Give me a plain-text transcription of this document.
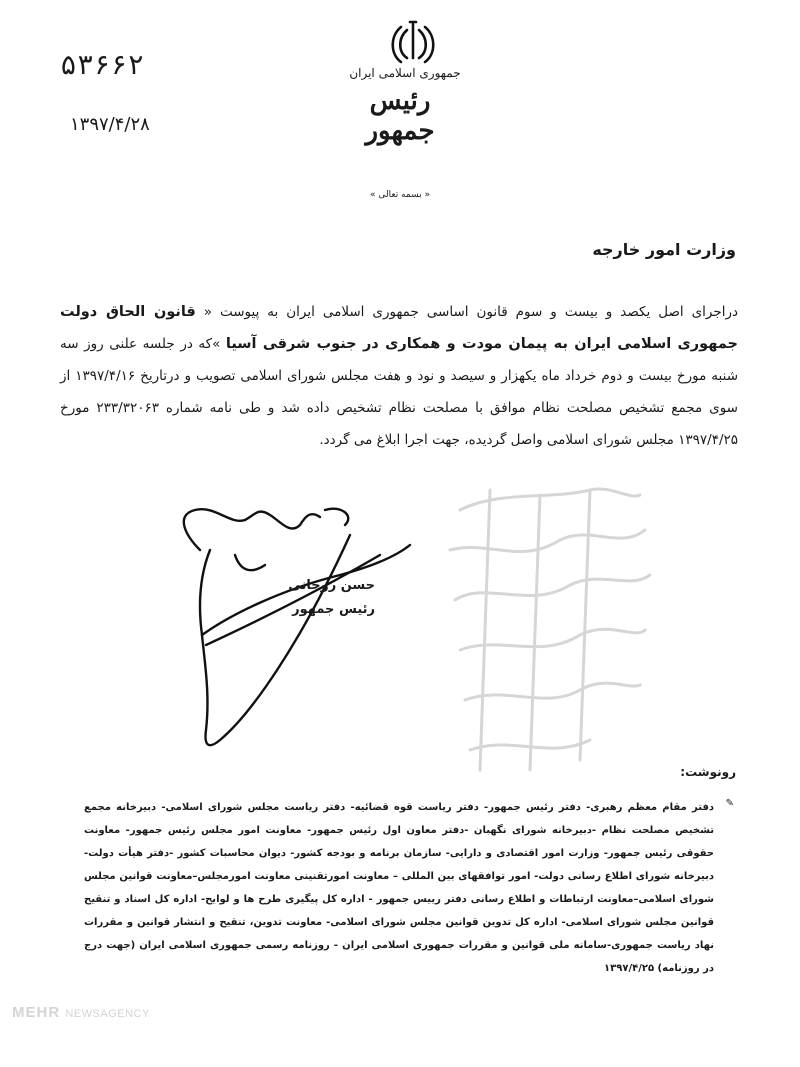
جمهوری اسلامی ایران
رئیس جمهور
۵۳۶۶۲
۱۳۹۷/۴/۲۸
« بسمه تعالی »
وزارت امور خارجه
دراجرای اصل یکصد و بیست و سوم قانون اساسی جمهوری اسلامی ایران به پیوست « قانون الحاق دولت جمهوری اسلامی ایران به پیمان مودت و همکاری در جنوب شرقی آسیا »که در جلسه علنی روز سه شنبه مورخ بیست و دوم خرداد ماه یکهزار و سیصد و نود و هفت مجلس شورای اسلامی تصویب و درتاریخ ۱۳۹۷/۴/۱۶ از سوی مجمع تشخیص مصلحت نظام موافق با مصلحت نظام تشخیص داده شد و طی نامه شماره ۲۳۳/۳۲۰۶۳ مورخ ۱۳۹۷/۴/۲۵ مجلس شورای اسلامی واصل گردیده، جهت اجرا ابلاغ می گردد.
حسن روحانی
رئیس جمهور
رونوشت:
✎
دفتر مقام معظم رهبری- دفتر رئیس جمهور- دفتر ریاست قوه قضائیه- دفتر ریاست مجلس شورای اسلامی- دبیرخانه مجمع تشخیص مصلحت نظام -دبیرخانه شورای نگهبان -دفتر معاون اول رئیس جمهور- معاونت امور مجلس رئیس جمهور- معاونت حقوقی رئیس جمهور- وزارت امور اقتصادی و دارایی- سازمان برنامه و بودجه کشور- دیوان محاسبات کشور -دفتر هیأت دولت- دبیرخانه شورای اطلاع رسانی دولت- امور توافقهای بین المللی – معاونت امورتقنینی معاونت امورمجلس–معاونت قوانین مجلس شورای اسلامی–معاونت ارتباطات و اطلاع رسانی دفتر رییس جمهور - اداره کل پیگیری طرح ها و لوایح- اداره کل اسناد و تنقیح قوانین مجلس شورای اسلامی- اداره کل تدوین قوانین مجلس شورای اسلامی- معاونت تدوین، تنقیح و انتشار قوانین و مقررات نهاد ریاست جمهوری-سامانه ملی قوانین و مقررات جمهوری اسلامی ایران - روزنامه رسمی جمهوری اسلامی ایران (جهت درج در روزنامه) ۱۳۹۷/۴/۲۵
MEHR NEWSAGENCY
